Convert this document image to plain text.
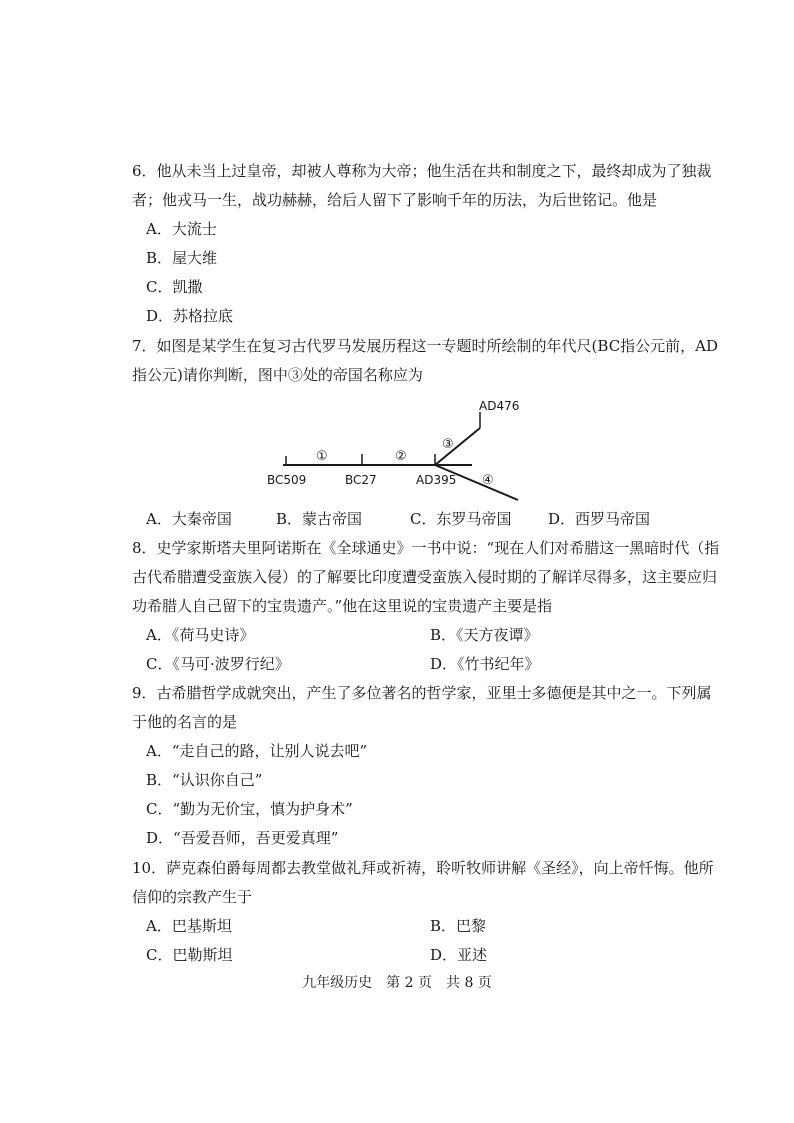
6．他从未当上过皇帝，却被人尊称为大帝；他生活在共和制度之下，最终却成为了独裁
者；他戎马一生，战功赫赫，给后人留下了影响千年的历法，为后世铭记。他是
A．大流士
B．屋大维
C．凯撒
D．苏格拉底
7．如图是某学生在复习古代罗马发展历程这一专题时所绘制的年代尺(BC指公元前，AD
指公元)请你判断，图中③处的帝国名称应为
AD476
BC509	BC27	AD395
①	②
③
④
A．大秦帝国	B．蒙古帝国	C．东罗马帝国 D．西罗马帝国
8．史学家斯塔夫里阿诺斯在《全球通史》一书中说：“现在人们对希腊这一黑暗时代（指
古代希腊遭受蛮族入侵）的了解要比印度遭受蛮族入侵时期的了解详尽得多，这主要应归
功希腊人自己留下的宝贵遗产。”他在这里说的宝贵遗产主要是指
A．《荷马史诗》	B．《天方夜谭》
C．《马可·波罗行纪》	D．《竹书纪年》
9．古希腊哲学成就突出，产生了多位著名的哲学家，亚里士多德便是其中之一。下列属
于他的名言的是
A．“走自己的路，让别人说去吧”
B．“认识你自己”
C．“勤为无价宝，慎为护身术”
D．“吾爱吾师，吾更爱真理”
10．萨克森伯爵每周都去教堂做礼拜或祈祷，聆听牧师讲解《圣经》，向上帝忏悔。他所
信仰的宗教产生于
A．巴基斯坦	B．巴黎
C．巴勒斯坦	D．亚述
九年级历史　第 2 页　共 8 页
